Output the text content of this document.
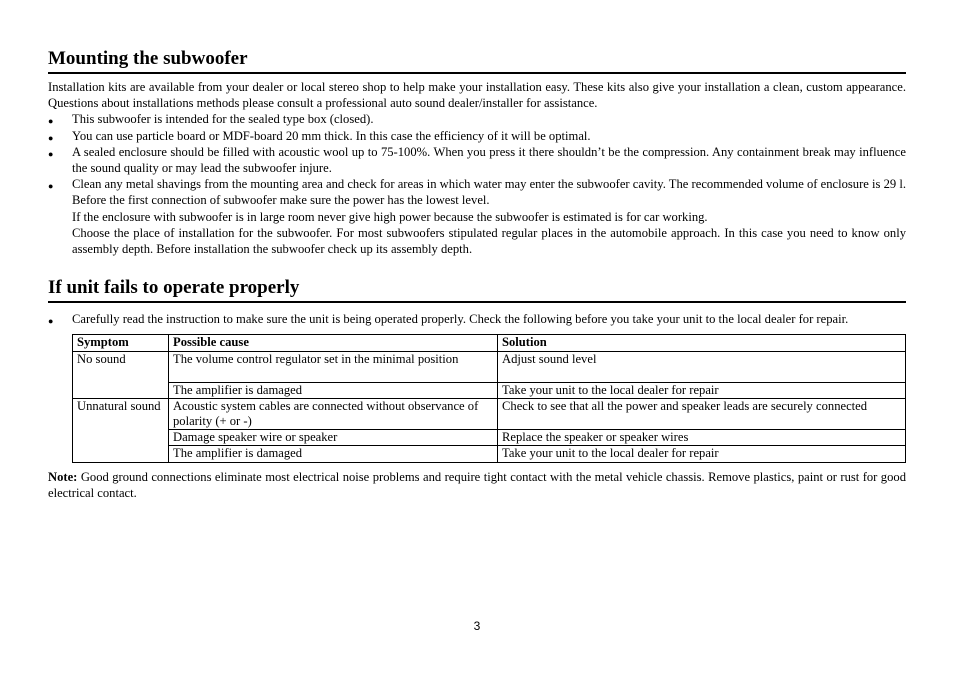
Mounting the subwoofer

Installation kits are available from your dealer or local stereo shop to help make your installation easy. These kits also give your installation a clean, custom appearance. Questions about installations methods please consult a professional auto sound dealer/installer for assistance.

● This subwoofer is intended for the sealed type box (closed).
● You can use particle board or MDF-board 20 mm thick. In this case the efficiency of it will be optimal.
● A sealed enclosure should be filled with acoustic wool up to 75-100%. When you press it there shouldn’t be the compression. Any containment break may influence the sound quality or may lead the subwoofer injure.
● Clean any metal shavings from the mounting area and check for areas in which water may enter the subwoofer cavity. The recommended volume of enclosure is 29 l. Before the first connection of subwoofer make sure the power has the lowest level.

If the enclosure with subwoofer is in large room never give high power because the subwoofer is estimated is for car working.

Choose the place of installation for the subwoofer. For most subwoofers stipulated regular places in the automobile approach. In this case you need to know only assembly depth. Before installation the subwoofer check up its assembly depth.

If unit fails to operate properly
● Carefully read the instruction to make sure the unit is being operated properly. Check the following before you take your unit to the local dealer for repair.
Symptom	Possible cause	Solution
No sound	The volume control regulator set in the minimal position	Adjust sound level
	The amplifier is damaged	Take your unit to the local dealer for repair
Unnatural sound	Acoustic system cables are connected without observance of polarity (+ or -)	Check to see that all the power and speaker leads are securely connected
	Damage speaker wire or speaker	Replace the speaker or speaker wires
	The amplifier is damaged	Take your unit to the local dealer for repair

Note: Good ground connections eliminate most electrical noise problems and require tight contact with the metal vehicle chassis. Remove plastics, paint or rust for good electrical contact.

3
